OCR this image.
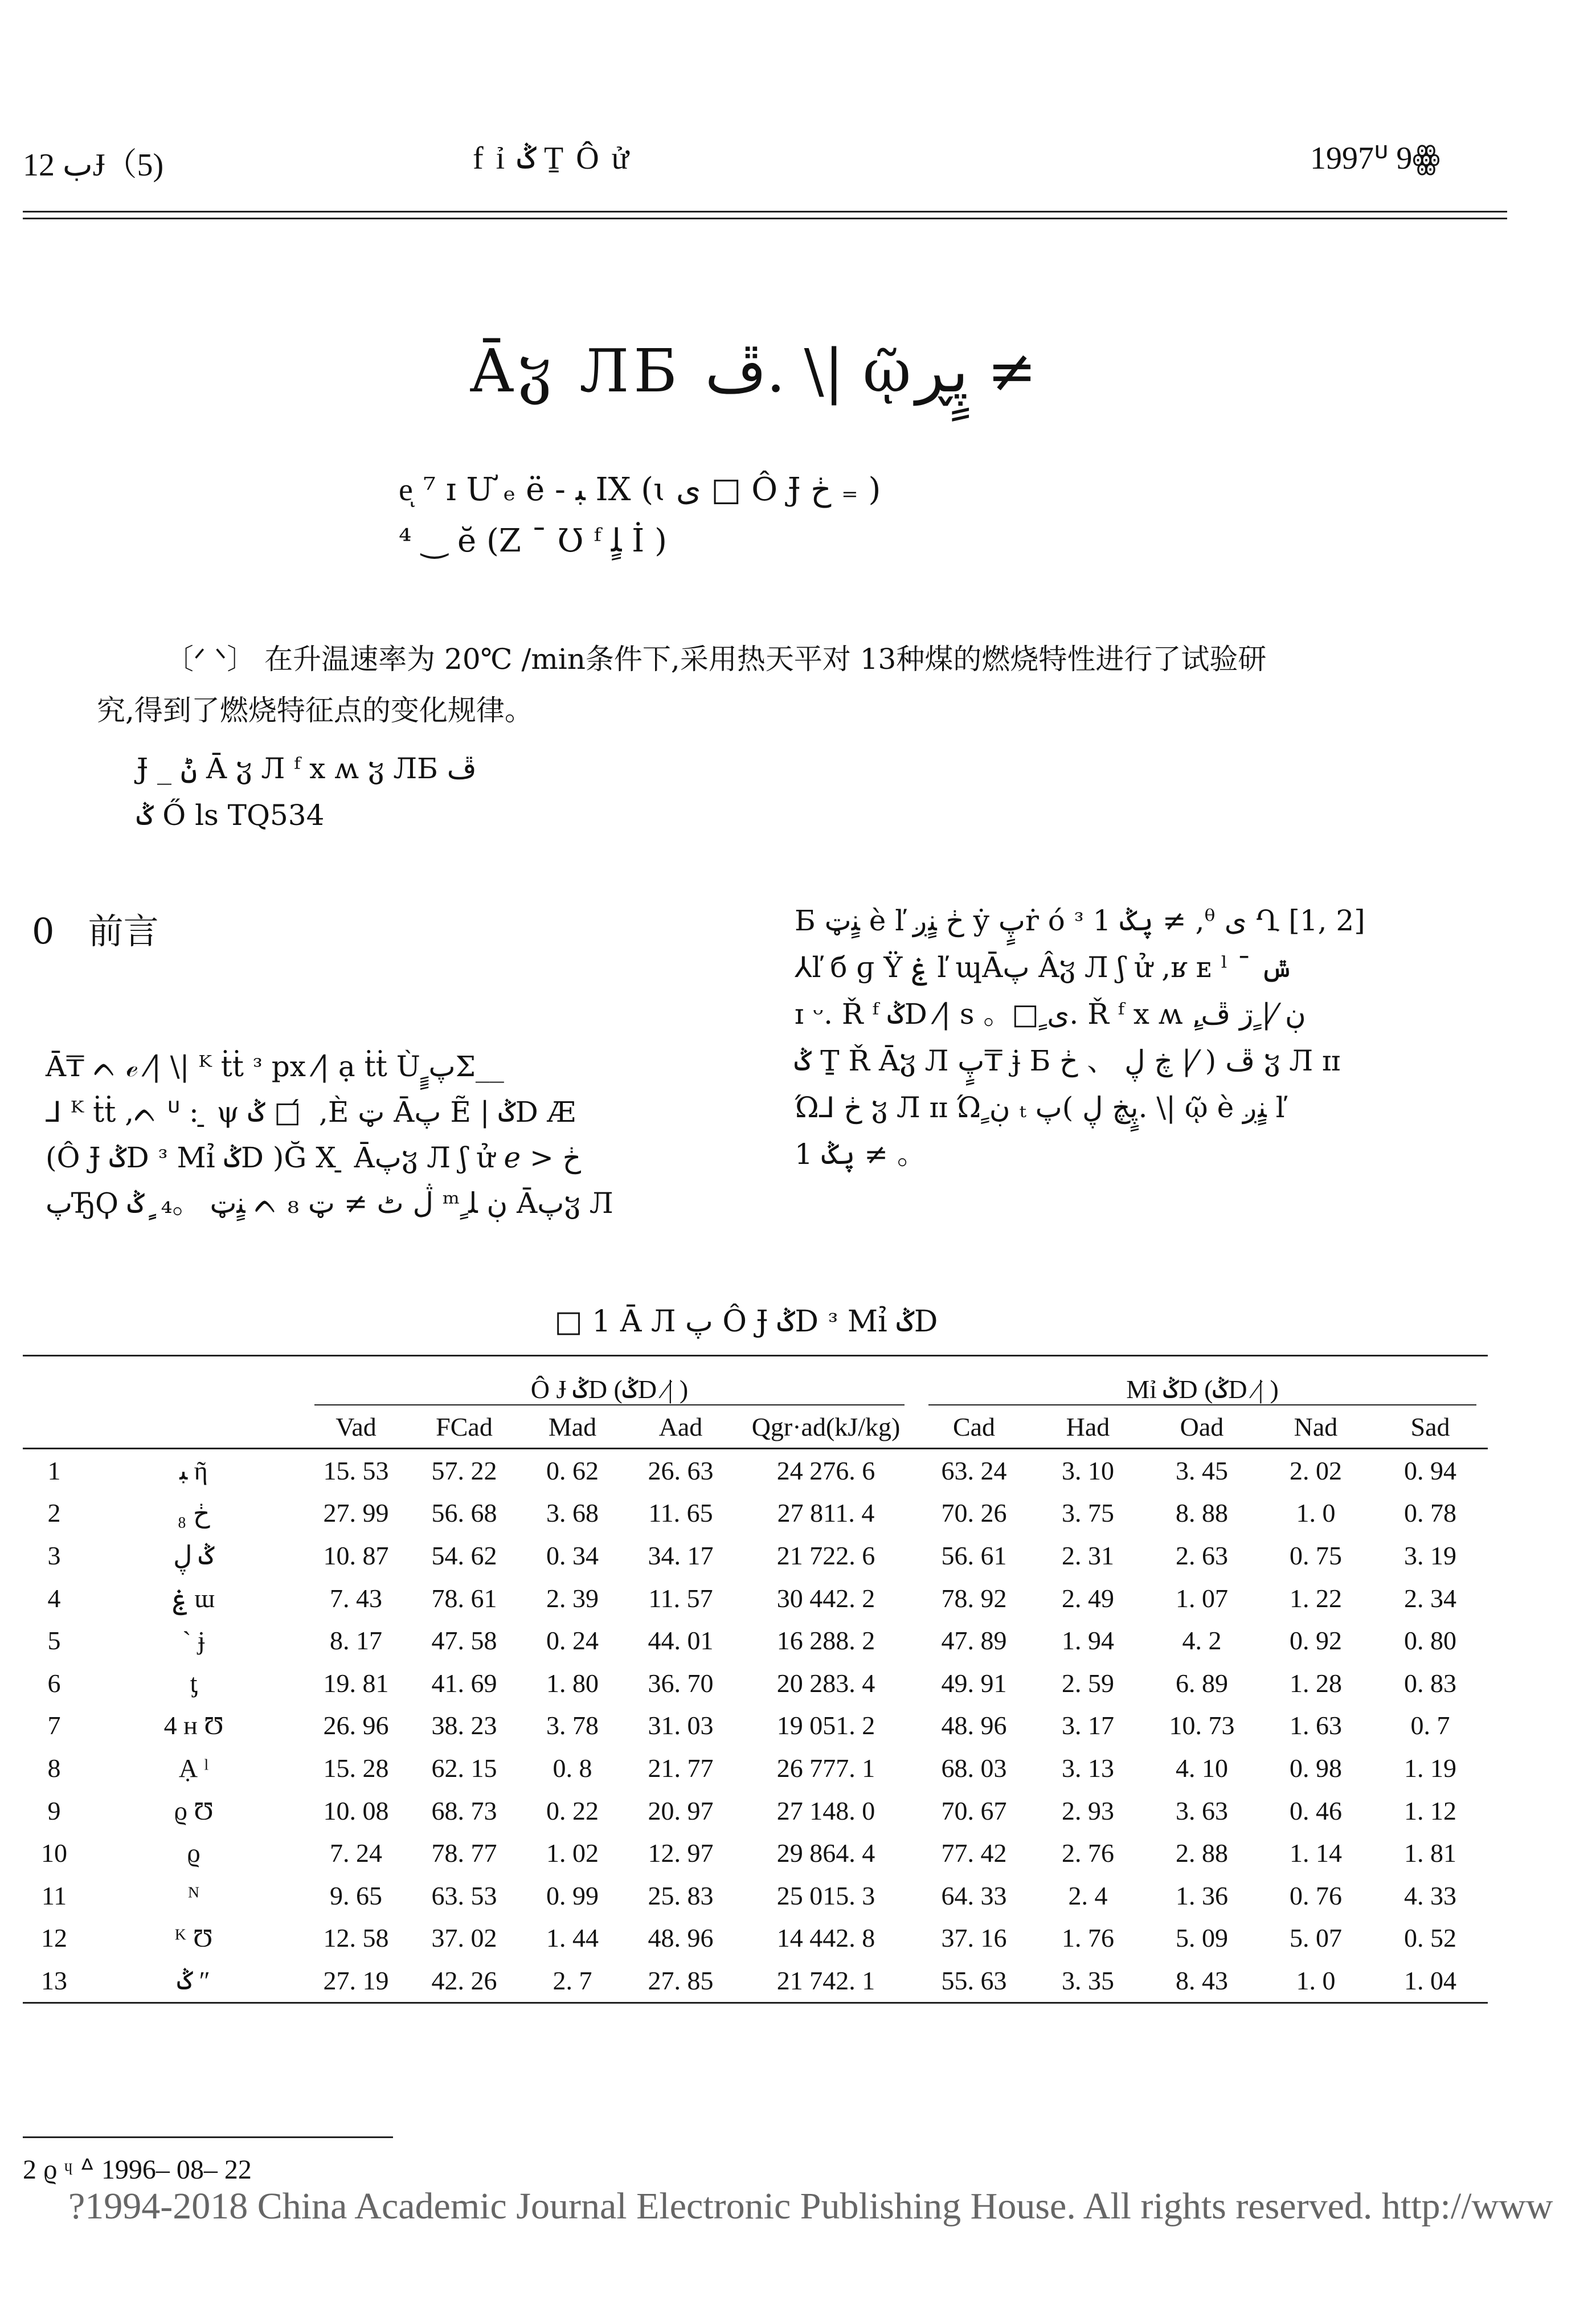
ب 12Ɉ（5)	f ỉ ݣ Ṯ Ô ử	1997ᓑ 9ꙮ
Āჳ ЛБ ڦ. \| ῷپٍڕ ≠
eͅ ⁷ ɪ Ư ₑ ë - ﺒ IX (ɩ ى □ Ô Ɉ ڂ ₌ )
⁴ ‿ ĕ (Ζ ¯ Ʊ ᶠ ﻠٍ İ )
〔ᐟ ᐠ〕 在升温速率为 20℃ /min条件下,采用热天平对 13种煤的燃烧特性进行了试验研
究,得到了燃烧特征点的变化规律。
Ɉ _ ݨ Ā ჳ Л ᶠ x ʍ ჳ ЛБ ڦ
ݣ Ő ls TQ534
0 前言
Ā₸ ᨈ ℯ ⁄| \| ᴷ ṫṫ ᵌ px ⁄| ạ ṫṫ Ù ٍٍپΣ__
⅃ ᴷ ṫṫ ,ᨈ ᓑ : ̠ ψ ݣ □ ́ ,È ټ Āپ Ẽ | ݣD Æ
(Ô Ɉ ݣD ᵌ Mỉ ݣD )Ğ X ̠ Āپჳ Л ʃ ử ℯ > ڂ
پЂϘ ﻨٍټ 。₄ ٍݣ ᨈ ڷ ٹ ≠ ټ ₈ ᵐ ٍڹ ﻠ Āپჳ Л
Б ﻨٍټ è ľ ڂ ﻨٍٍږ ẏ پٍٍṙ ó ᵌ 1 ۑݣ ≠ ,ᶿ ى Ղ [1, 2]
⅄ľ б ɡ Ÿ ۼ ľ պĀپ Âჳ Л ʃ ử ,ʁ ᴇ ˡ ˉ ݜ
ɪ ᵕ. Ř ᶠ ݣD ⁄| s 。□ ٍى. Ř ᶠ x ʍ ,ٍڹ ⁄| ٍڗ ڦ
ݣ Ṯ Ř Āჳ Л پٍٍ₸ ɉ Б ڦ ( ⁄| ڿ ڸ 、 ڂ ჳ Л ɪɪ
Ώ⅃ ڂ ჳ Л ɪɪ Ώ ٍڹ ₜ پٍڿ ڸ )پ. \| ῷ è ﻨٍٍږ ľ
1 ۑݣ ≠ 。
□ 1 Ā Л پ Ô Ɉ ݣD ᵌ Mỉ ݣD
		Ô Ɉ ݣD (ݣD ⁄| )					Mỉ ݣD (ݣD ⁄| )				
		Vad	FCad	Mad	Aad	Qgr·ad(kJ/kg)	Cad	Had	Oad	Nad	Sad
1	ﺒ ῆ	15. 53	57. 22	0. 62	26. 63	24 276. 6	63. 24	3. 10	3. 45	2. 02	0. 94
2	ڂ ₈	27. 99	56. 68	3. 68	11. 65	27 811. 4	70. 26	3. 75	8. 88	1. 0	0. 78
3	ݣ ڸ	10. 87	54. 62	0. 34	34. 17	21 722. 6	56. 61	2. 31	2. 63	0. 75	3. 19
4	ۼ ɯ	7. 43	78. 61	2. 39	11. 57	30 442. 2	78. 92	2. 49	1. 07	1. 22	2. 34
5	ˋ ɉ	8. 17	47. 58	0. 24	44. 01	16 288. 2	47. 89	1. 94	4. 2	0. 92	0. 80
6	ƫ	19. 81	41. 69	1. 80	36. 70	20 283. 4	49. 91	2. 59	6. 89	1. 28	0. 83
7	4 ʜ Ʊ	26. 96	38. 23	3. 78	31. 03	19 051. 2	48. 96	3. 17	10. 73	1. 63	0. 7
8	Ạ ˡ	15. 28	62. 15	0. 8	21. 77	26 777. 1	68. 03	3. 13	4. 10	0. 98	1. 19
9	ϱ Ʊ	10. 08	68. 73	0. 22	20. 97	27 148. 0	70. 67	2. 93	3. 63	0. 46	1. 12
10	ϱ	7. 24	78. 77	1. 02	12. 97	29 864. 4	77. 42	2. 76	2. 88	1. 14	1. 81
11	ᴺ	9. 65	63. 53	0. 99	25. 83	25 015. 3	64. 33	2. 4	1. 36	0. 76	4. 33
12	ᴷ Ʊ	12. 58	37. 02	1. 44	48. 96	14 442. 8	37. 16	1. 76	5. 09	5. 07	0. 52
13	ݣ ″	27. 19	42. 26	2. 7	27. 85	21 742. 1	55. 63	3. 35	8. 43	1. 0	1. 04
2 ϱ ᶣ ᐞ 1996– 08– 22
?1994-2018 China Academic Journal Electronic Publishing House. All rights reserved. http://www
